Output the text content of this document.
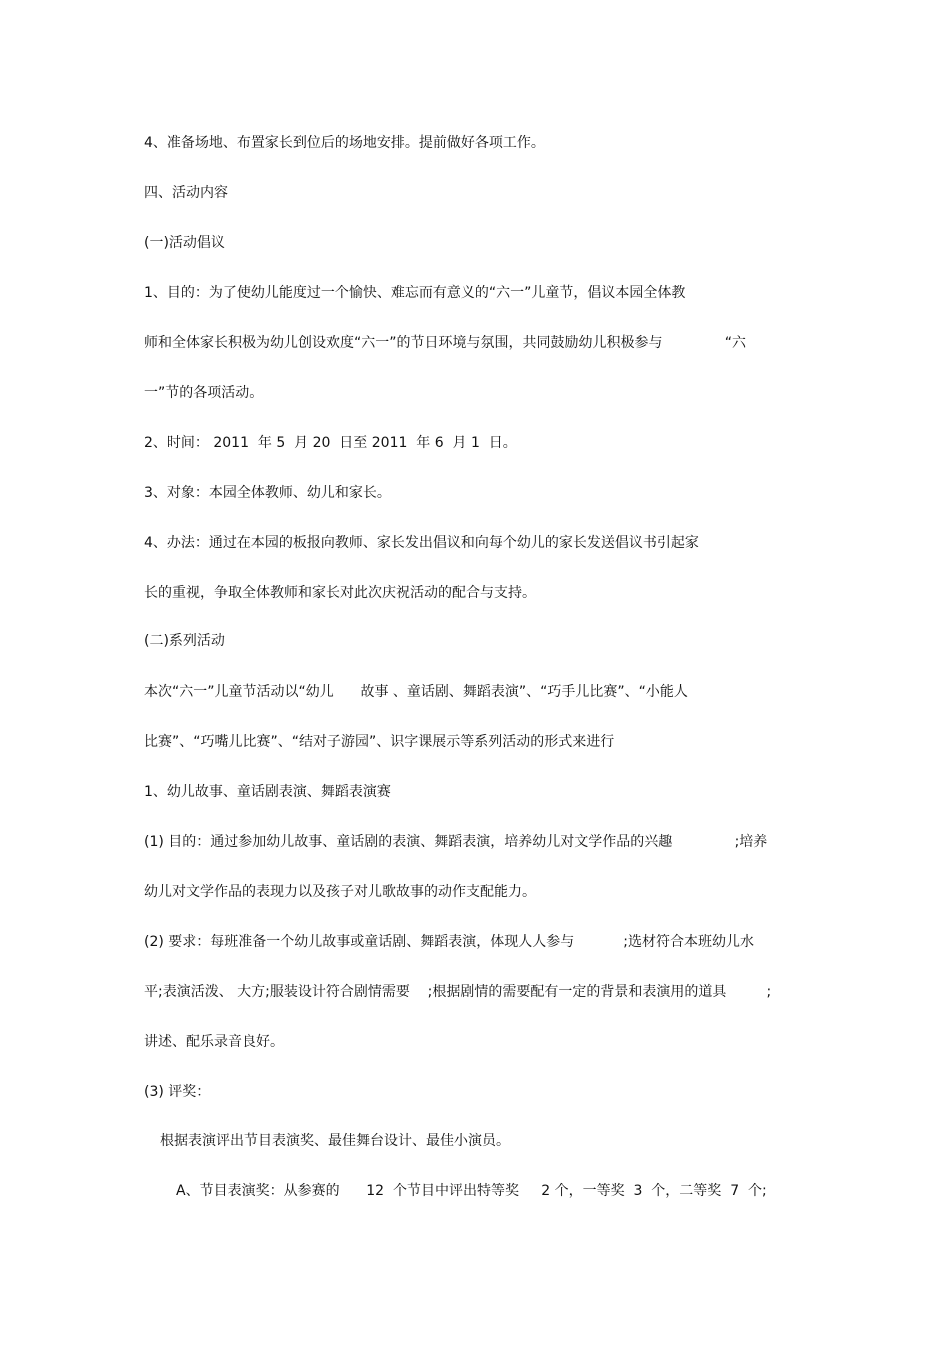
4、准备场地、布置家长到位后的场地安排。提前做好各项工作。

四、活动内容

(一)活动倡议

1、目的：为了使幼儿能度过一个愉快、难忘而有意义的“六一”儿童节，倡议本园全体教

师和全体家长积极为幼儿创设欢度“六一”的节日环境与氛围，共同鼓励幼儿积极参与              “六

一”节的各项活动。

2、时间： 2011  年 5  月 20  日至 2011  年 6  月 1  日。

3、对象：本园全体教师、幼儿和家长。

4、办法：通过在本园的板报向教师、家长发出倡议和向每个幼儿的家长发送倡议书引起家

长的重视，争取全体教师和家长对此次庆祝活动的配合与支持。

(二)系列活动

本次“六一”儿童节活动以“幼儿      故事 、童话剧、舞蹈表演”、“巧手儿比赛”、“小能人

比赛”、“巧嘴儿比赛”、“结对子游园”、识字课展示等系列活动的形式来进行

1、幼儿故事、童话剧表演、舞蹈表演赛

(1) 目的：通过参加幼儿故事、童话剧的表演、舞蹈表演，培养幼儿对文学作品的兴趣              ;培养

幼儿对文学作品的表现力以及孩子对儿歌故事的动作支配能力。

(2) 要求：每班准备一个幼儿故事或童话剧、舞蹈表演，体现人人参与           ;选材符合本班幼儿水

平;表演活泼、 大方;服装设计符合剧情需要    ;根据剧情的需要配有一定的背景和表演用的道具         ;

讲述、配乐录音良好。

(3) 评奖：

根据表演评出节目表演奖、最佳舞台设计、最佳小演员。

A、节目表演奖：从参赛的      12  个节目中评出特等奖     2 个，一等奖  3  个，二等奖  7  个;
